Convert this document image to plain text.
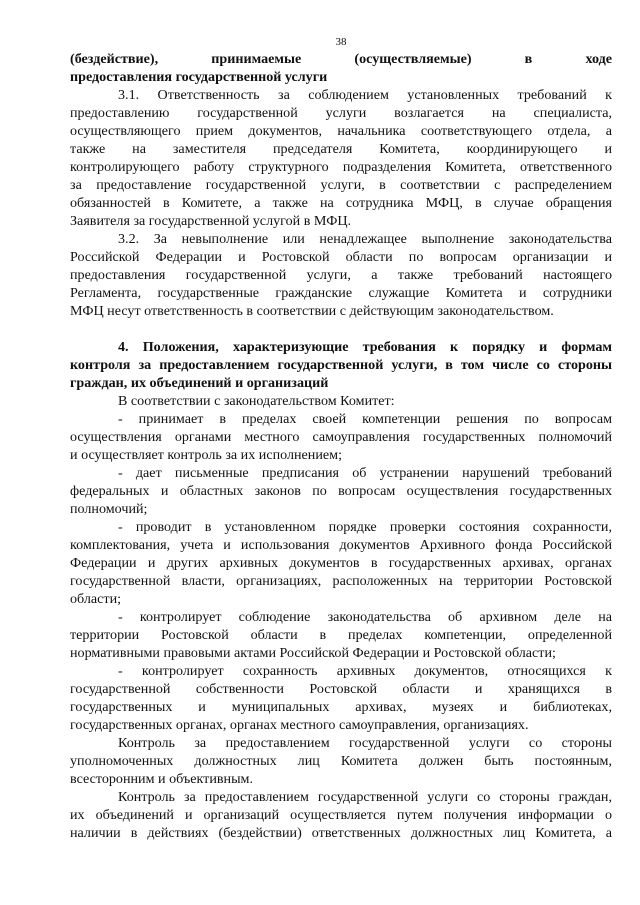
38
(бездействие), принимаемые (осуществляемые) в ходе
предоставления государственной услуги
3.1. Ответственность за соблюдением установленных требований к
предоставлению государственной услуги возлагается на специалиста,
осуществляющего прием документов, начальника соответствующего отдела, а
также на заместителя председателя Комитета, координирующего и
контролирующего работу структурного подразделения Комитета, ответственного
за предоставление государственной услуги, в соответствии с распределением
обязанностей в Комитете, а также на сотрудника МФЦ, в случае обращения
Заявителя за государственной услугой в МФЦ.
3.2. За невыполнение или ненадлежащее выполнение законодательства
Российской Федерации и Ростовской области по вопросам организации и
предоставления государственной услуги, а также требований настоящего
Регламента, государственные гражданские служащие Комитета и сотрудники
МФЦ несут ответственность в соответствии с действующим законодательством.
4. Положения, характеризующие требования к порядку и формам
контроля за предоставлением государственной услуги, в том числе со стороны
граждан, их объединений и организаций
В соответствии с законодательством Комитет:
- принимает в пределах своей компетенции решения по вопросам
осуществления органами местного самоуправления государственных полномочий
и осуществляет контроль за их исполнением;
- дает письменные предписания об устранении нарушений требований
федеральных и областных законов по вопросам осуществления государственных
полномочий;
- проводит в установленном порядке проверки состояния сохранности,
комплектования, учета и использования документов Архивного фонда Российской
Федерации и других архивных документов в государственных архивах, органах
государственной власти, организациях, расположенных на территории Ростовской
области;
- контролирует соблюдение законодательства об архивном деле на
территории Ростовской области в пределах компетенции, определенной
нормативными правовыми актами Российской Федерации и Ростовской области;
- контролирует сохранность архивных документов, относящихся к
государственной собственности Ростовской области и хранящихся в
государственных и муниципальных архивах, музеях и библиотеках,
государственных органах, органах местного самоуправления, организациях.
Контроль за предоставлением государственной услуги со стороны
уполномоченных должностных лиц Комитета должен быть постоянным,
всесторонним и объективным.
Контроль за предоставлением государственной услуги со стороны граждан,
их объединений и организаций осуществляется путем получения информации о
наличии в действиях (бездействии) ответственных должностных лиц Комитета, а
